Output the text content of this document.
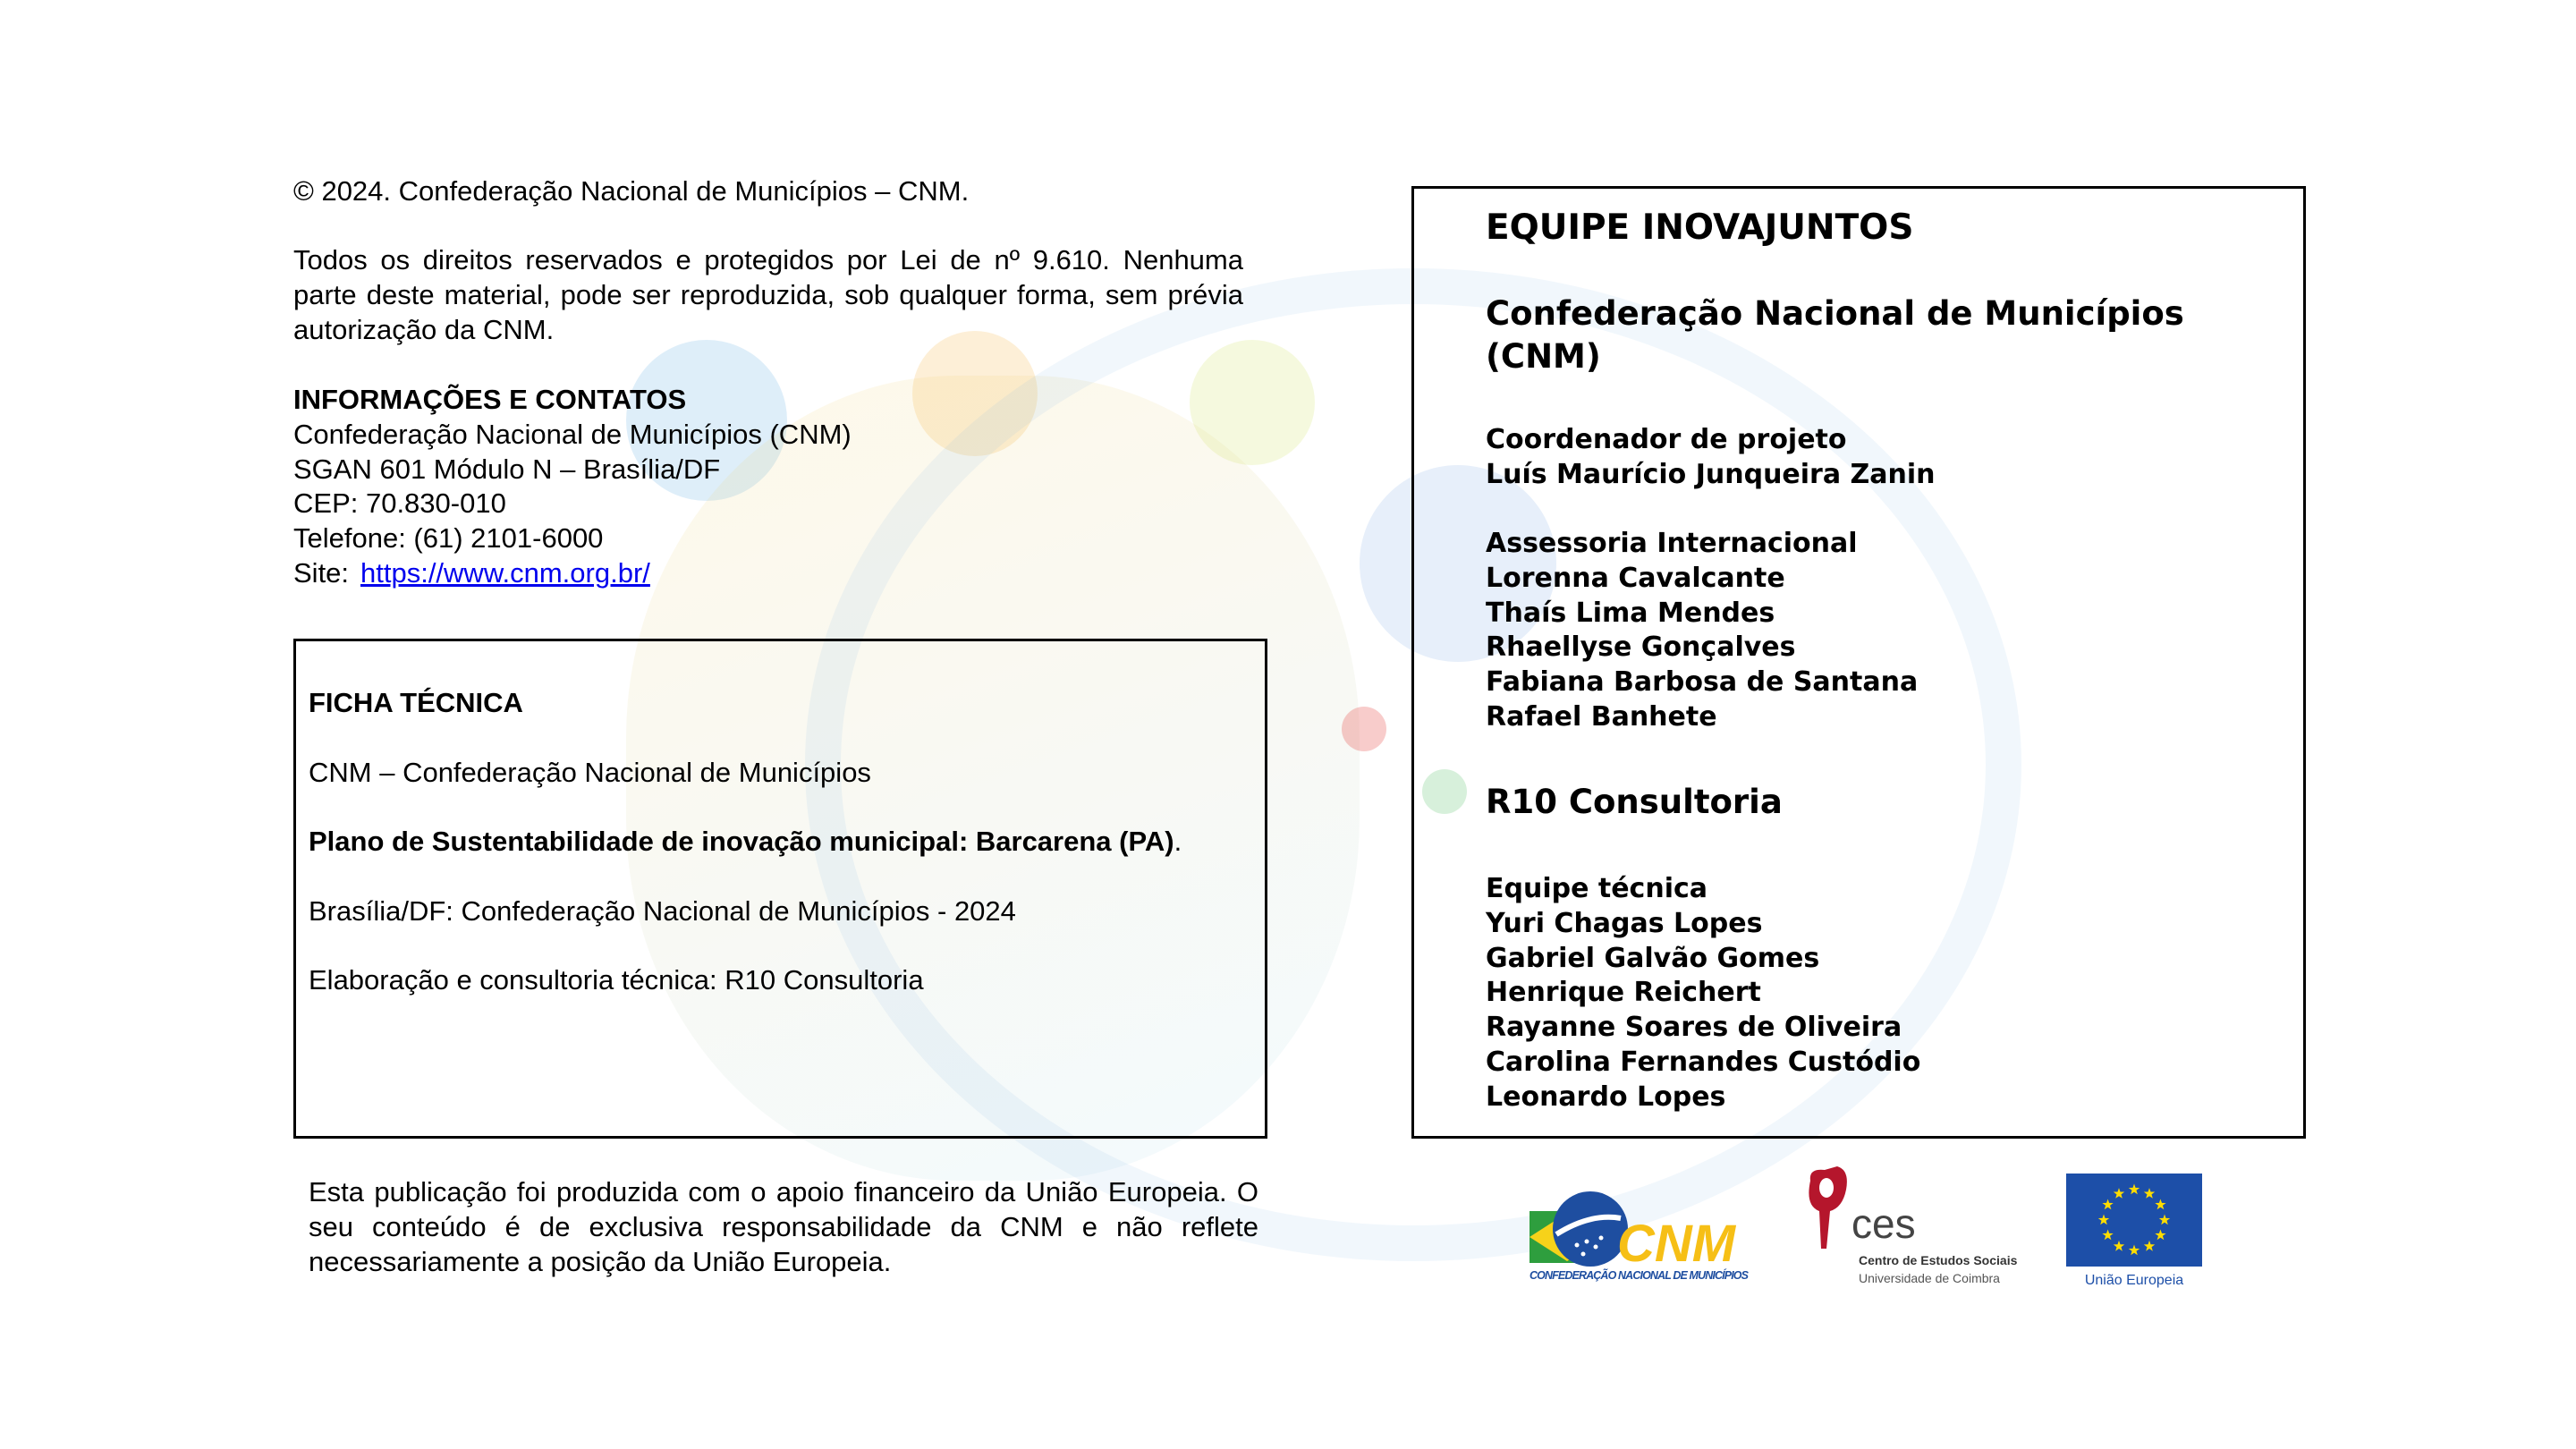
© 2024. Confederação Nacional de Municípios – CNM.
Todos os direitos reservados e protegidos por Lei de nº 9.610. Nenhuma parte deste material, pode ser reproduzida, sob qualquer forma, sem prévia autorização da CNM.
INFORMAÇÕES E CONTATOS
Confederação Nacional de Municípios (CNM)
SGAN 601 Módulo N – Brasília/DF
CEP: 70.830-010
Telefone: (61) 2101-6000
Site: https://www.cnm.org.br/
FICHA TÉCNICA
CNM – Confederação Nacional de Municípios

Plano de Sustentabilidade de inovação municipal: Barcarena (PA).

Brasília/DF: Confederação Nacional de Municípios - 2024
Elaboração e consultoria técnica: R10 Consultoria
EQUIPE INOVAJUNTOS
Confederação Nacional de Municípios (CNM)
Coordenador de projeto
Luís Maurício Junqueira Zanin
Assessoria Internacional
Lorenna Cavalcante
Thaís Lima Mendes
Rhaellyse Gonçalves
Fabiana Barbosa de Santana
Rafael Banhete
R10 Consultoria
Equipe técnica
Yuri Chagas Lopes
Gabriel Galvão Gomes
Henrique Reichert
Rayanne Soares de Oliveira
Carolina Fernandes Custódio
Leonardo Lopes
Esta publicação foi produzida com o apoio financeiro da União Europeia. O seu conteúdo é de exclusiva responsabilidade da CNM e não reflete necessariamente a posição da União Europeia.	CNM
CONFEDERAÇÃO NACIONAL DE MUNICÍPIOS
ces
Centro de Estudos Sociais
Universidade de Coimbra	União Europeia
